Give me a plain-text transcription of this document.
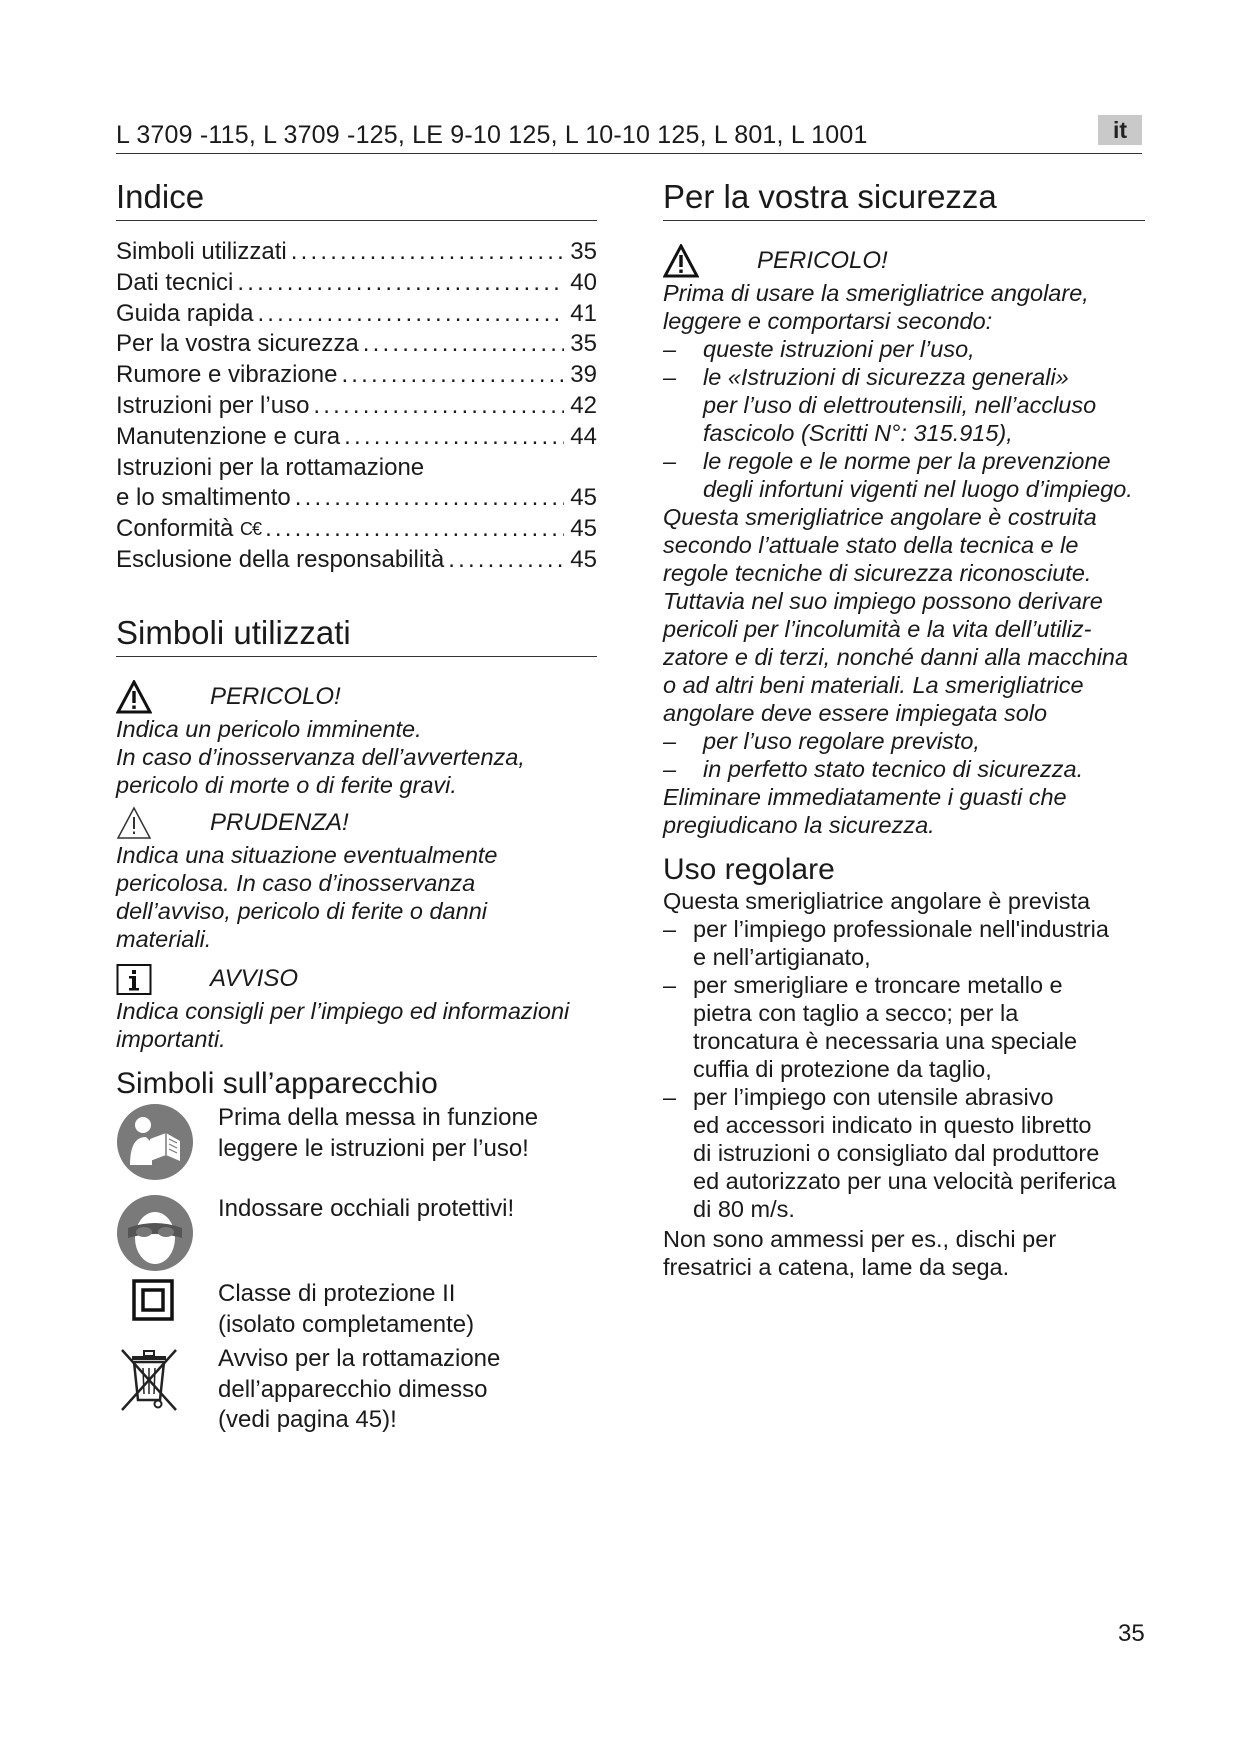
L 3709 -115, L 3709 -125, LE 9-10 125, L 10-10 125, L 801, L 1001	it
Indice
Simboli utilizzati .....	35
Dati tecnici .....	40
Guida rapida .....	41
Per la vostra sicurezza .....	35
Rumore e vibrazione .....	39
Istruzioni per l’uso .....	42
Manutenzione e cura .....	44
Istruzioni per la rottamazione
e lo smaltimento .....	45
Conformità
C€ .....	45
Esclusione della responsabilità .....	45
Simboli utilizzati
PERICOLO!
Indica un pericolo imminente.
In caso d’inosservanza dell’avvertenza,
pericolo di morte o di ferite gravi.
PRUDENZA!
Indica una situazione eventualmente
pericolosa. In caso d’inosservanza
dell’avviso, pericolo di ferite o danni
materiali.
AVVISO
Indica consigli per l’impiego ed informazioni
importanti.
Simboli sull’apparecchio
Prima della messa in funzione
leggere le istruzioni per l’uso!
Indossare occhiali protettivi!
Classe di protezione II
(isolato completamente)
Avviso per la rottamazione
dell’apparecchio dimesso
(vedi pagina 45)!
Per la vostra sicurezza
PERICOLO!
Prima di usare la smerigliatrice angolare,
leggere e comportarsi secondo:
–	queste istruzioni per l’uso,
–	le «Istruzioni di sicurezza generali»
per l’uso di elettroutensili, nell’accluso
fascicolo (Scritti N°: 315.915),
–	le regole e le norme per la prevenzione
degli infortuni vigenti nel luogo d’impiego.
Questa smerigliatrice angolare è costruita
secondo l’attuale stato della tecnica e le
regole tecniche di sicurezza riconosciute.
Tuttavia nel suo impiego possono derivare
pericoli per l’incolumità e la vita dell’utiliz-
zatore e di terzi, nonché danni alla macchina
o ad altri beni materiali. La smerigliatrice
angolare deve essere impiegata solo
–	per l’uso regolare previsto,
–	in perfetto stato tecnico di sicurezza.
Eliminare immediatamente i guasti che
pregiudicano la sicurezza.
Uso regolare
Questa smerigliatrice angolare è prevista
– per l’impiego professionale nell'industria
e nell’artigianato,
– per smerigliare e troncare metallo e
pietra con taglio a secco; per la
troncatura è necessaria una speciale
cuffia di protezione da taglio,
– per l’impiego con utensile abrasivo
ed accessori indicato in questo libretto
di istruzioni o consigliato dal produttore
ed autorizzato per una velocità periferica
di 80 m/s.
Non sono ammessi per es., dischi per
fresatrici a catena, lame da sega.
35
